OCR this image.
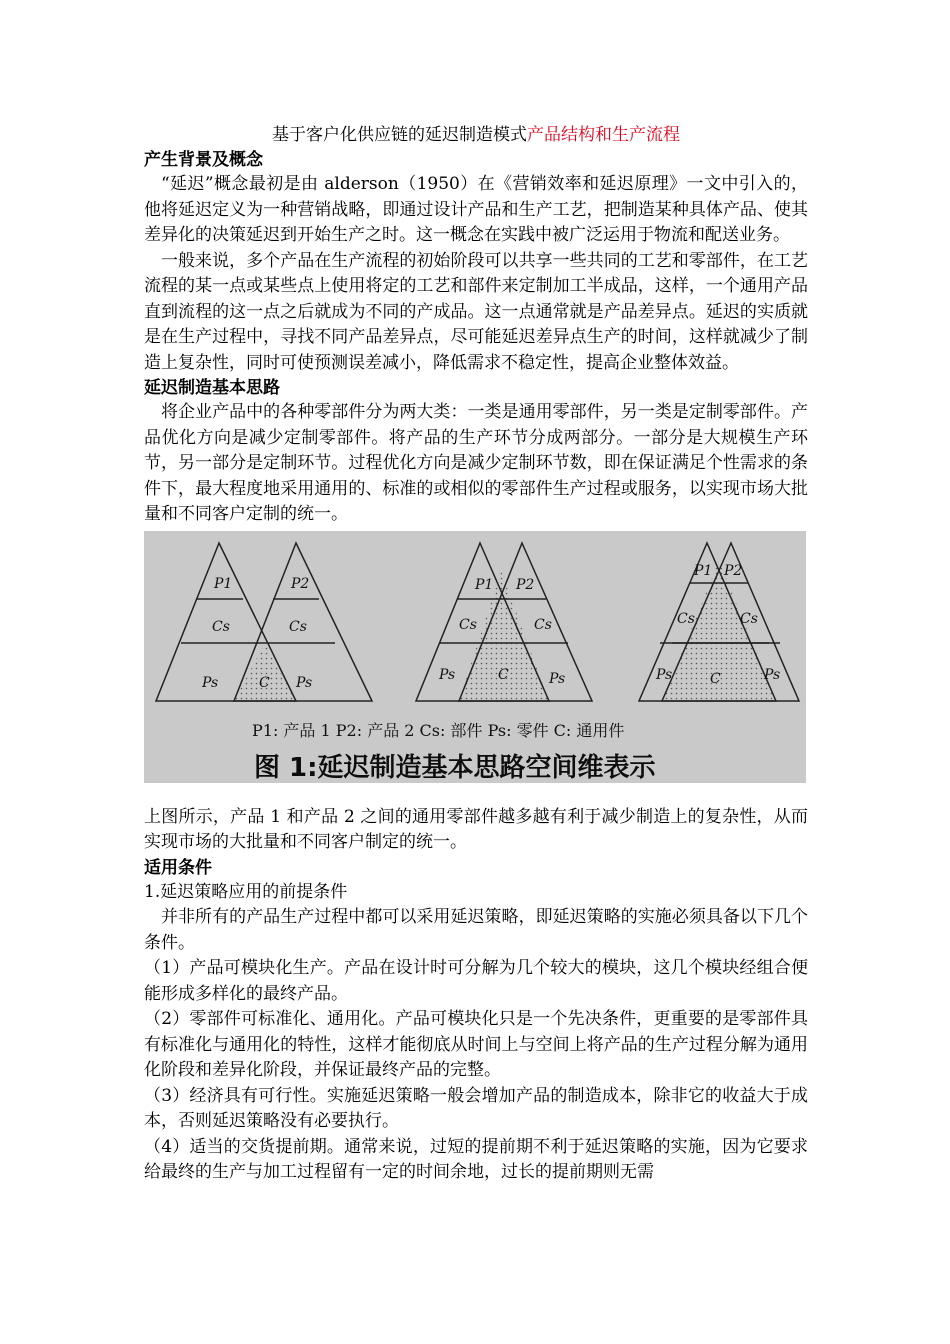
基于客户化供应链的延迟制造模式产品结构和生产流程
产生背景及概念

“延迟”概念最初是由 alderson（1950）在《营销效率和延迟原理》一文中引入的，他将延迟定义为一种营销战略，即通过设计产品和生产工艺，把制造某种具体产品、使其差异化的决策延迟到开始生产之时。这一概念在实践中被广泛运用于物流和配送业务。

一般来说，多个产品在生产流程的初始阶段可以共享一些共同的工艺和零部件，在工艺流程的某一点或某些点上使用将定的工艺和部件来定制加工半成品，这样，一个通用产品直到流程的这一点之后就成为不同的产成品。这一点通常就是产品差异点。延迟的实质就是在生产过程中，寻找不同产品差异点，尽可能延迟差异点生产的时间，这样就减少了制造上复杂性，同时可使预测误差减小，降低需求不稳定性，提高企业整体效益。

延迟制造基本思路

将企业产品中的各种零部件分为两大类：一类是通用零部件，另一类是定制零部件。产品优化方向是减少定制零部件。将产品的生产环节分成两部分。一部分是大规模生产环节，另一部分是定制环节。过程优化方向是减少定制环节数，即在保证满足个性需求的条件下，最大程度地采用通用的、标准的或相似的零部件生产过程或服务，以实现市场大批量和不同客户定制的统一。

P1	P2
Cs	Cs
Ps	C Ps
P1 P2
Cs	Cs
Ps	C	Ps
P1 P2
Cs	Cs
Ps	C	Ps
P1: 产品 1 P2: 产品 2 Cs: 部件 Ps: 零件 C: 通用件
图 1:延迟制造基本思路空间维表示

上图所示，产品 1 和产品 2 之间的通用零部件越多越有利于减少制造上的复杂性，从而实现市场的大批量和不同客户制定的统一。

适用条件

1.延迟策略应用的前提条件

并非所有的产品生产过程中都可以采用延迟策略，即延迟策略的实施必须具备以下几个条件。

（1）产品可模块化生产。产品在设计时可分解为几个较大的模块，这几个模块经组合便能形成多样化的最终产品。

（2）零部件可标准化、通用化。产品可模块化只是一个先决条件，更重要的是零部件具有标准化与通用化的特性，这样才能彻底从时间上与空间上将产品的生产过程分解为通用化阶段和差异化阶段，并保证最终产品的完整。

（3）经济具有可行性。实施延迟策略一般会增加产品的制造成本，除非它的收益大于成本，否则延迟策略没有必要执行。

（4）适当的交货提前期。通常来说，过短的提前期不利于延迟策略的实施，因为它要求给最终的生产与加工过程留有一定的时间余地，过长的提前期则无需
